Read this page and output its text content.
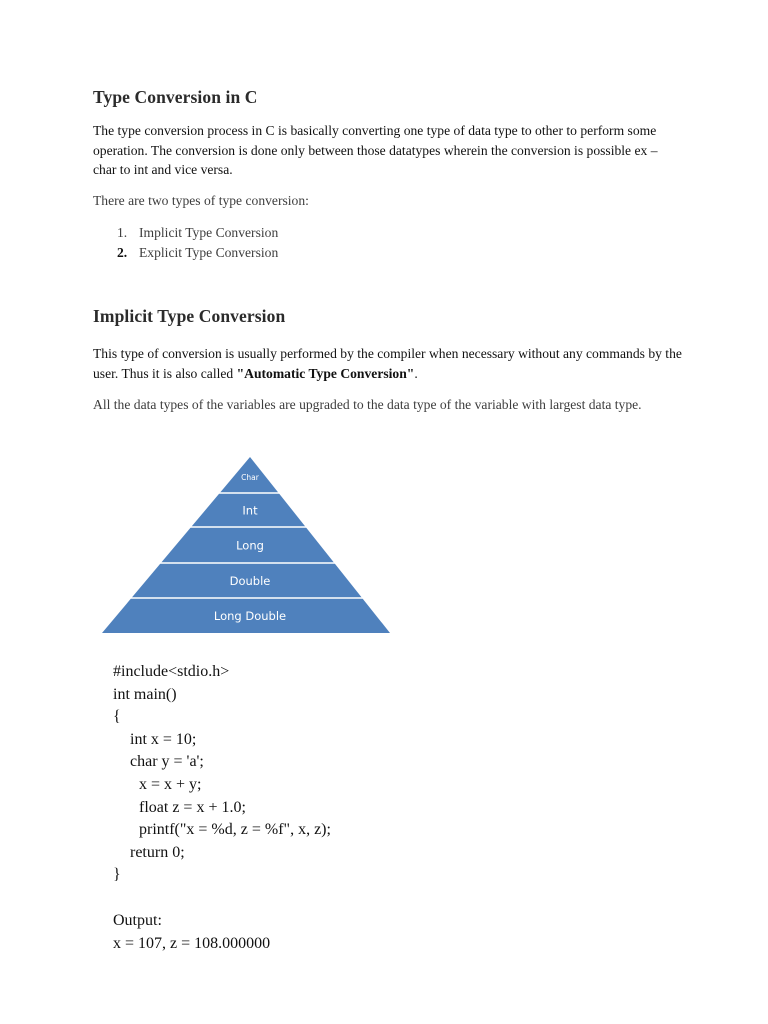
Type Conversion in C

The type conversion process in C is basically converting one type of data type to other to perform some operation. The conversion is done only between those datatypes wherein the conversion is possible ex – char to int and vice versa.

There are two types of type conversion:

1. Implicit Type Conversion
2. Explicit Type Conversion
Implicit Type Conversion

This type of conversion is usually performed by the compiler when necessary without any commands by the user. Thus it is also called "Automatic Type Conversion".

All the data types of the variables are upgraded to the data type of the variable with largest data type.

Char
Int
Long
Double
Long Double
#include<stdio.h>
int main()
{
int x = 10;
char y = 'a';
x = x + y;
float z = x + 1.0;
printf("x = %d, z = %f", x, z);
return 0;
}
Output:
x = 107, z = 108.000000
